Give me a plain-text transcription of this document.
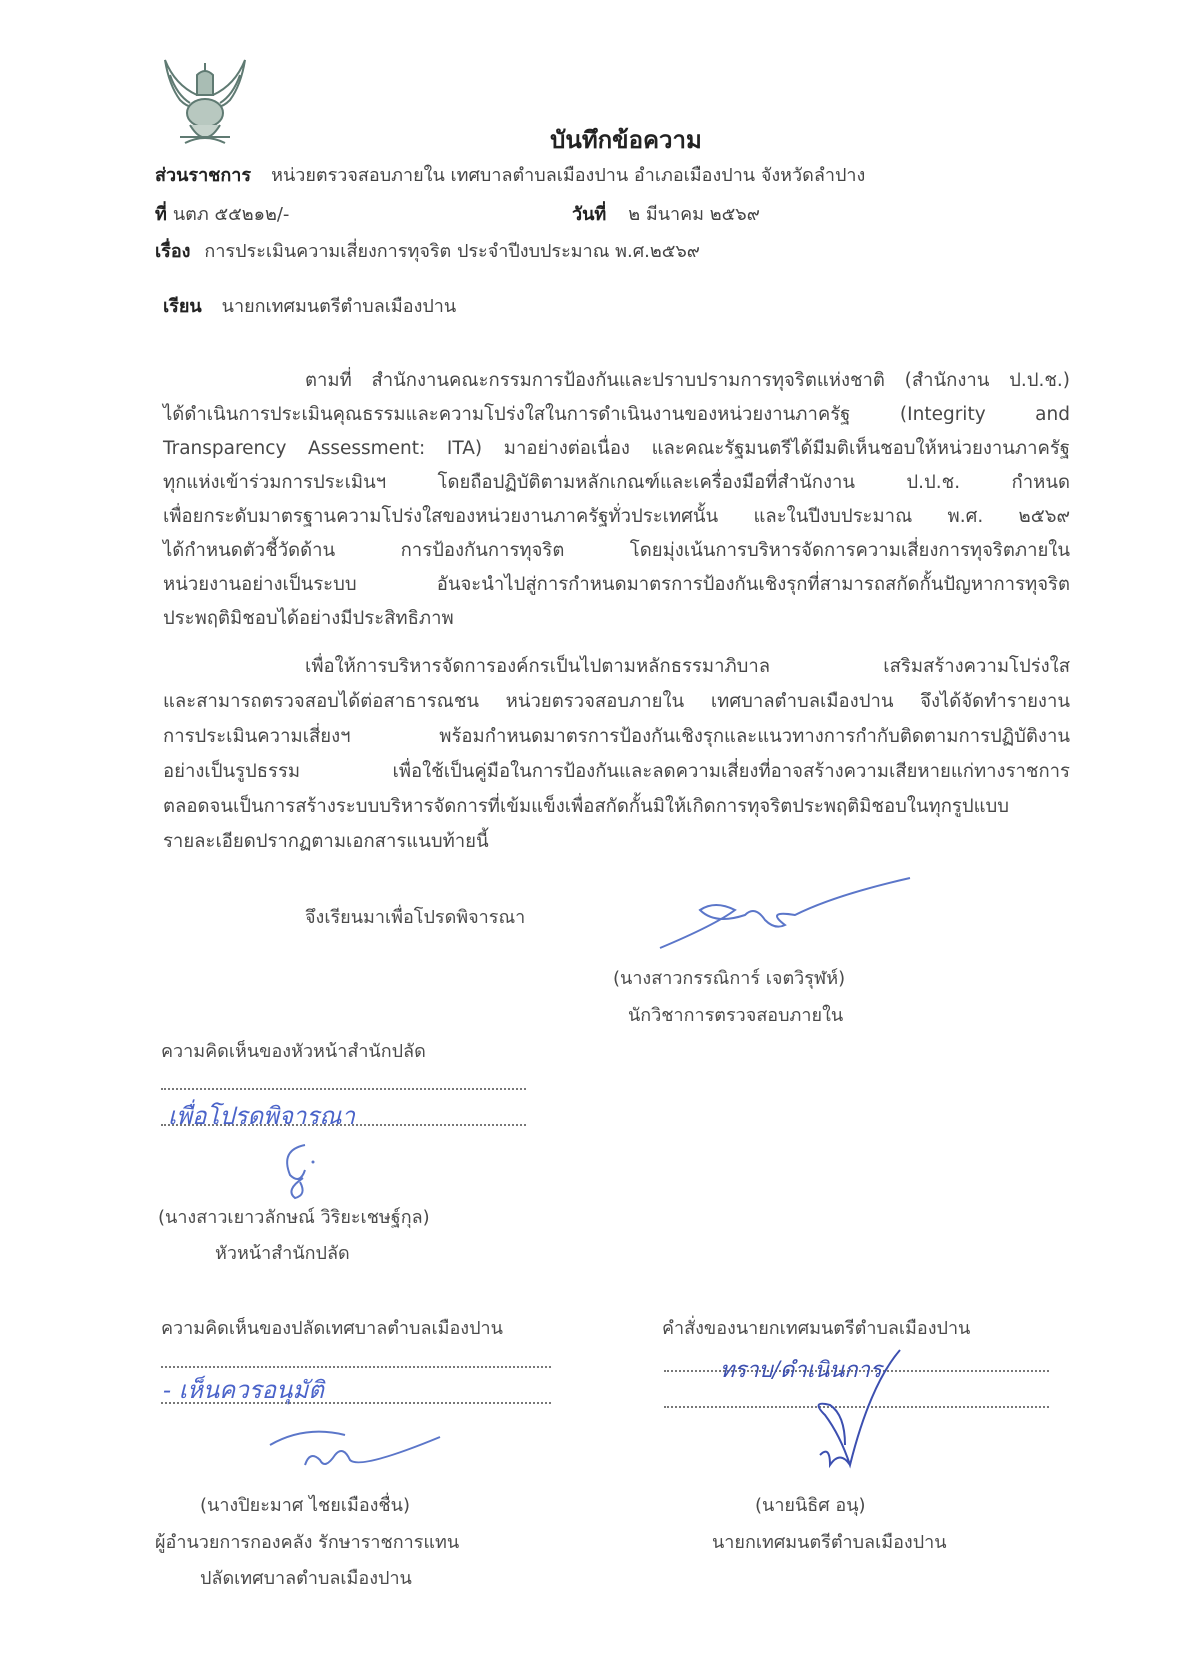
บันทึกข้อความ
ส่วนราชการ หน่วยตรวจสอบภายใน เทศบาลตำบลเมืองปาน อำเภอเมืองปาน จังหวัดลำปาง
ที่ นตภ ๕๕๒๑๒/-	วันที่ ๒ มีนาคม ๒๕๖๙
เรื่อง การประเมินความเสี่ยงการทุจริต ประจำปีงบประมาณ พ.ศ.๒๕๖๙
เรียน นายกเทศมนตรีตำบลเมืองปาน
ตามที่ สำนักงานคณะกรรมการป้องกันและปราบปรามการทุจริตแห่งชาติ (สำนักงาน ป.ป.ช.)
ได้ดำเนินการประเมินคุณธรรมและความโปร่งใสในการดำเนินงานของหน่วยงานภาครัฐ (Integrity and
Transparency Assessment: ITA) มาอย่างต่อเนื่อง และคณะรัฐมนตรีได้มีมติเห็นชอบให้หน่วยงานภาครัฐ
ทุกแห่งเข้าร่วมการประเมินฯ โดยถือปฏิบัติตามหลักเกณฑ์และเครื่องมือที่สำนักงาน ป.ป.ช. กำหนด
เพื่อยกระดับมาตรฐานความโปร่งใสของหน่วยงานภาครัฐทั่วประเทศนั้น และในปีงบประมาณ พ.ศ. ๒๕๖๙
ได้กำหนดตัวชี้วัดด้าน การป้องกันการทุจริต โดยมุ่งเน้นการบริหารจัดการความเสี่ยงการทุจริตภายใน
หน่วยงานอย่างเป็นระบบ อันจะนำไปสู่การกำหนดมาตรการป้องกันเชิงรุกที่สามารถสกัดกั้นปัญหาการทุจริต
ประพฤติมิชอบได้อย่างมีประสิทธิภาพ
เพื่อให้การบริหารจัดการองค์กรเป็นไปตามหลักธรรมาภิบาล เสริมสร้างความโปร่งใส
และสามารถตรวจสอบได้ต่อสาธารณชน หน่วยตรวจสอบภายใน เทศบาลตำบลเมืองปาน จึงได้จัดทำรายงาน
การประเมินความเสี่ยงฯ พร้อมกำหนดมาตรการป้องกันเชิงรุกและแนวทางการกำกับติดตามการปฏิบัติงาน
อย่างเป็นรูปธรรม เพื่อใช้เป็นคู่มือในการป้องกันและลดความเสี่ยงที่อาจสร้างความเสียหายแก่ทางราชการ
ตลอดจนเป็นการสร้างระบบบริหารจัดการที่เข้มแข็งเพื่อสกัดกั้นมิให้เกิดการทุจริตประพฤติมิชอบในทุกรูปแบบ
รายละเอียดปรากฏตามเอกสารแนบท้ายนี้
จึงเรียนมาเพื่อโปรดพิจารณา
(นางสาวกรรณิการ์ เจตวิรุฬห์)
นักวิชาการตรวจสอบภายใน
ความคิดเห็นของหัวหน้าสำนักปลัด
เพื่อโปรดพิจารณา
(นางสาวเยาวลักษณ์ วิริยะเชษฐ์กุล)
หัวหน้าสำนักปลัด
ความคิดเห็นของปลัดเทศบาลตำบลเมืองปาน
- เห็นควรอนุมัติ
(นางปิยะมาศ ไชยเมืองชื่น)
ผู้อำนวยการกองคลัง รักษาราชการแทน
ปลัดเทศบาลตำบลเมืองปาน
คำสั่งของนายกเทศมนตรีตำบลเมืองปาน
ทราบ/ดำเนินการ
(นายนิธิศ อนุ)
นายกเทศมนตรีตำบลเมืองปาน
